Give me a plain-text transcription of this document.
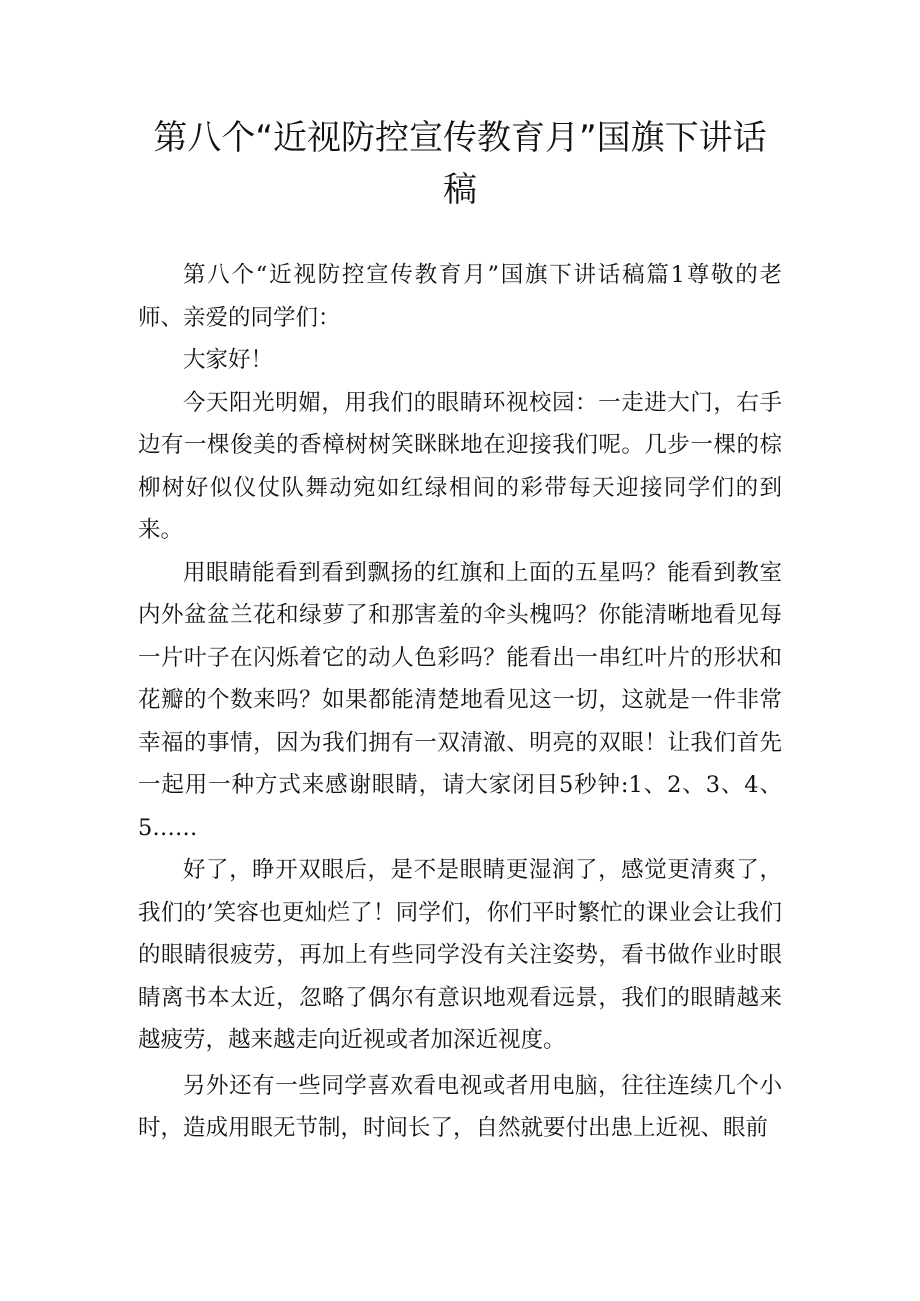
第八个“近视防控宣传教育月”国旗下讲话稿

第八个“近视防控宣传教育月”国旗下讲话稿篇1尊敬的老师、亲爱的同学们：

大家好！

今天阳光明媚，用我们的眼睛环视校园：一走进大门，右手边有一棵俊美的香樟树树笑眯眯地在迎接我们呢。几步一棵的棕柳树好似仪仗队舞动宛如红绿相间的彩带每天迎接同学们的到来。

用眼睛能看到看到飘扬的红旗和上面的五星吗？能看到教室内外盆盆兰花和绿萝了和那害羞的伞头槐吗？你能清晰地看见每一片叶子在闪烁着它的动人色彩吗？能看出一串红叶片的形状和花瓣的个数来吗？如果都能清楚地看见这一切，这就是一件非常幸福的事情，因为我们拥有一双清澈、明亮的双眼！让我们首先一起用一种方式来感谢眼睛，请大家闭目5秒钟:1、2、3、4、5……

好了，睁开双眼后，是不是眼睛更湿润了，感觉更清爽了，我们的’笑容也更灿烂了！同学们，你们平时繁忙的课业会让我们的眼睛很疲劳，再加上有些同学没有关注姿势，看书做作业时眼睛离书本太近，忽略了偶尔有意识地观看远景，我们的眼睛越来越疲劳，越来越走向近视或者加深近视度。

另外还有一些同学喜欢看电视或者用电脑，往往连续几个小时，造成用眼无节制，时间长了，自然就要付出患上近视、眼前
